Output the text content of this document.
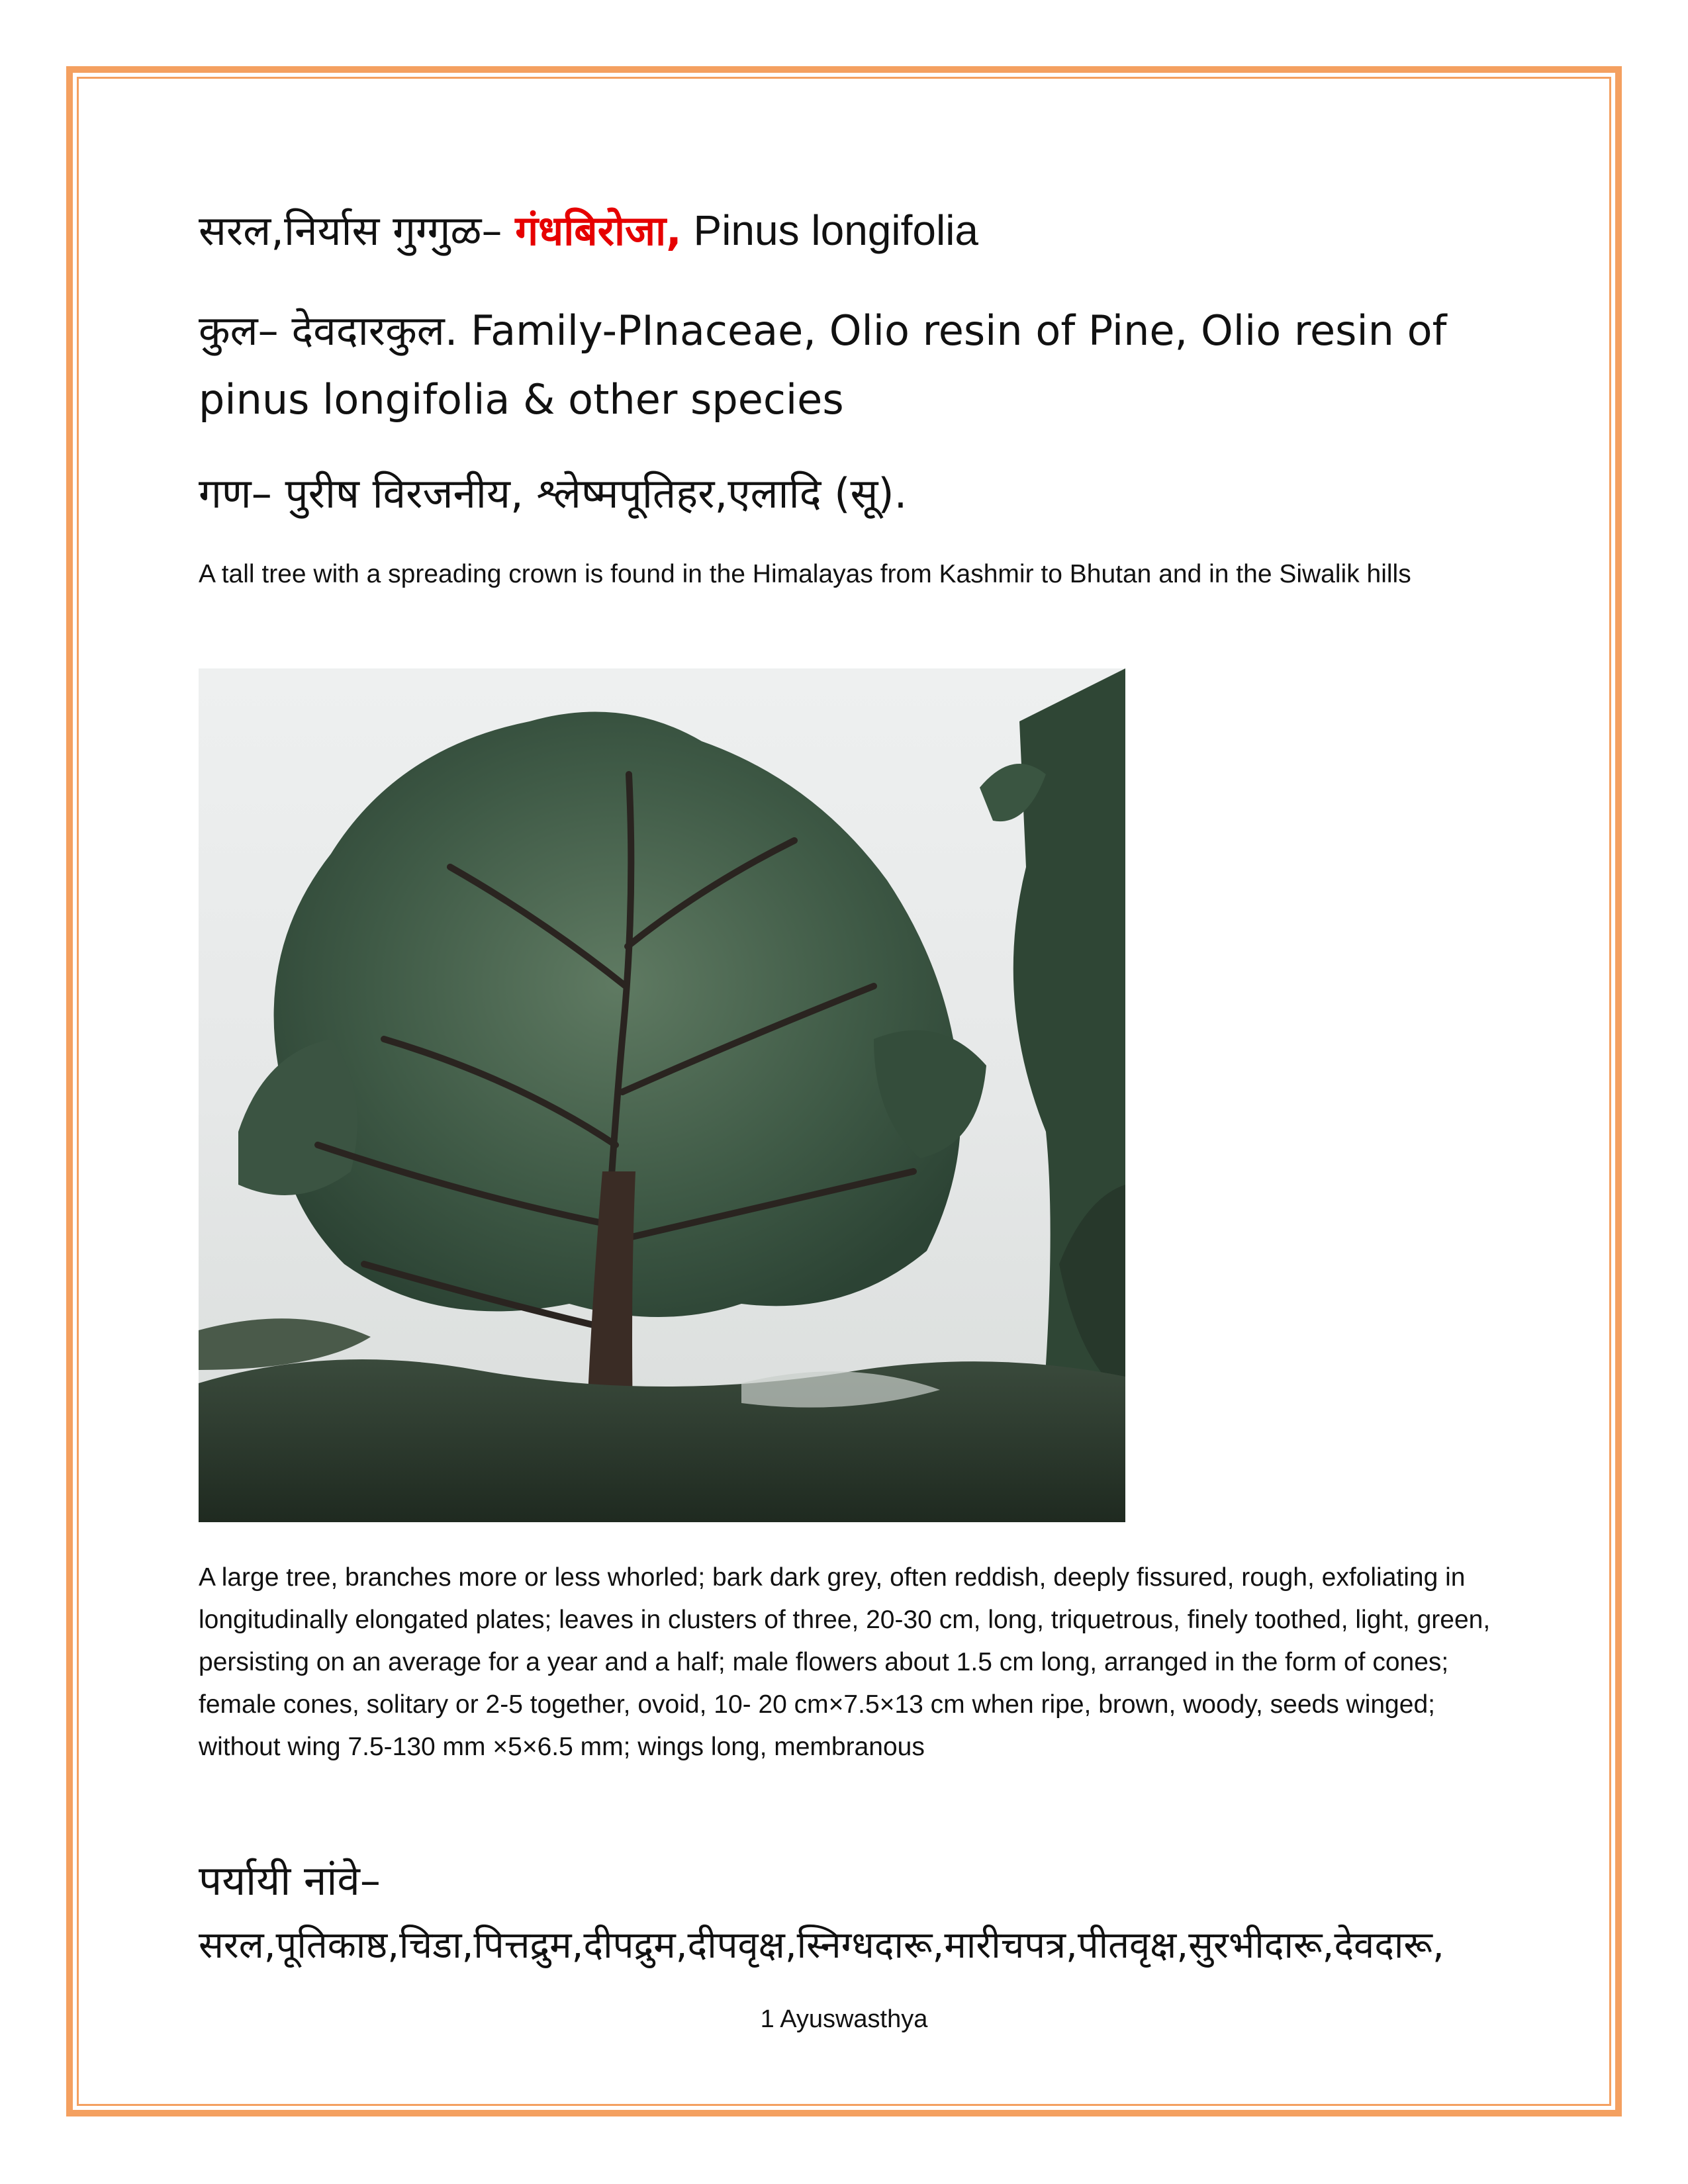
सरल,निर्यास गुग्गुळ– गंधबिरोजा, Pinus longifolia
कुल– देवदारकुल. Family-PInaceae, Olio resin of Pine, Olio resin of pinus longifolia & other species
गण– पुरीष विरजनीय, श्लेष्मपूतिहर,एलादि (सू).
A tall tree with a spreading crown is found in the Himalayas from Kashmir to Bhutan and in the Siwalik hills
A large tree, branches more or less whorled; bark dark grey, often reddish, deeply fissured, rough, exfoliating in longitudinally elongated plates; leaves in clusters of three, 20-30 cm, long, triquetrous, finely toothed, light, green, persisting on an average for a year and a half; male flowers about 1.5 cm long, arranged in the form of cones; female cones, solitary or 2-5 together, ovoid, 10- 20 cm×7.5×13 cm when ripe, brown, woody, seeds winged; without wing 7.5-130 mm ×5×6.5 mm; wings long, membranous
पर्यायी नांवे–
सरल,पूतिकाष्ठ,चिडा,पित्तद्रुम,दीपद्रुम,दीपवृक्ष,स्निग्धदारू,मारीचपत्र,पीतवृक्ष,सुरभीदारू,देवदारू,
1 Ayuswasthya
